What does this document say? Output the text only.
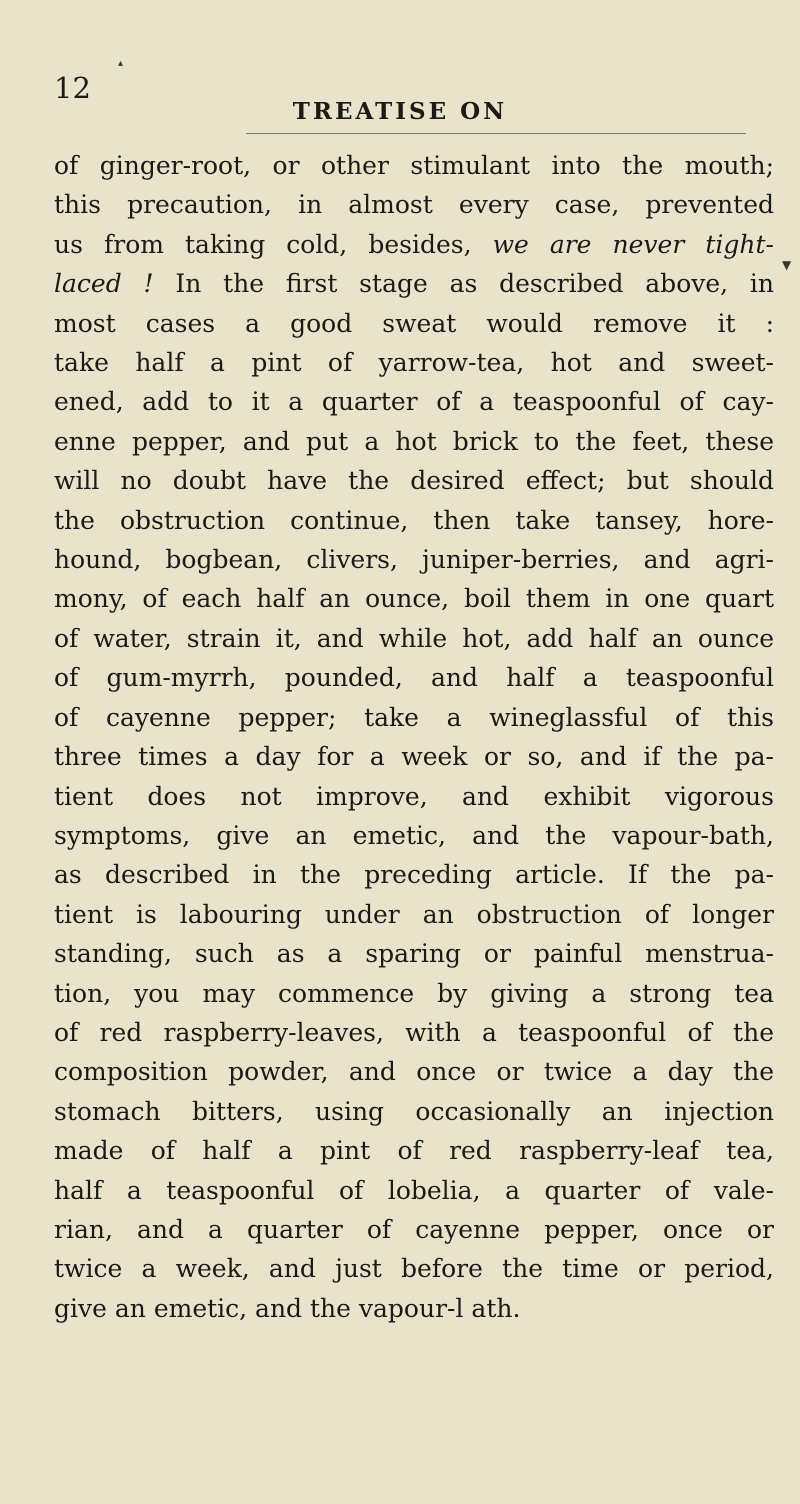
▴
12
TREATISE ON
▼
of ginger-root, or other stimulant into the mouth;
this precaution, in almost every case, prevented
us from taking cold, besides, we are never tight-
laced ! In the first stage as described above, in
most cases a good sweat would remove it :
take half a pint of yarrow-tea, hot and sweet-
ened, add to it a quarter of a teaspoonful of cay-
enne pepper, and put a hot brick to the feet, these
will no doubt have the desired effect; but should
the obstruction continue, then take tansey, hore-
hound, bogbean, clivers, juniper-berries, and agri-
mony, of each half an ounce, boil them in one quart
of water, strain it, and while hot, add half an ounce
of gum-myrrh, pounded, and half a teaspoonful
of cayenne pepper; take a wineglassful of this
three times a day for a week or so, and if the pa-
tient does not improve, and exhibit vigorous
symptoms, give an emetic, and the vapour-bath,
as described in the preceding article. If the pa-
tient is labouring under an obstruction of longer
standing, such as a sparing or painful menstrua-
tion, you may commence by giving a strong tea
of red raspberry-leaves, with a teaspoonful of the
composition powder, and once or twice a day the
stomach bitters, using occasionally an injection
made of half a pint of red raspberry-leaf tea,
half a teaspoonful of lobelia, a quarter of vale-
rian, and a quarter of cayenne pepper, once or
twice a week, and just before the time or period,
give an emetic, and the vapour-l ath.
